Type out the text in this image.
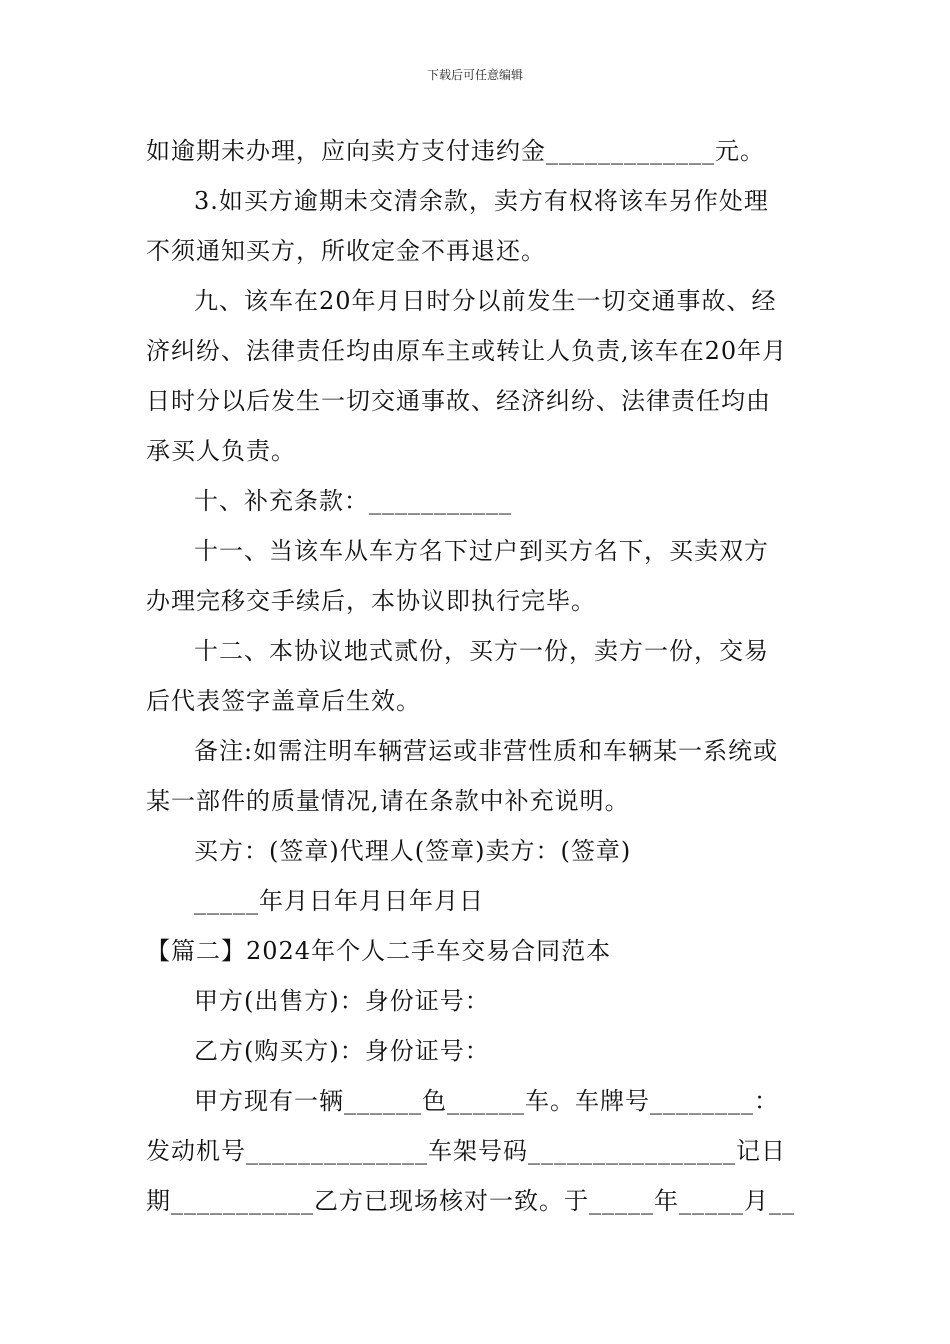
下载后可任意编辑
如逾期未办理，应向卖方支付违约金_____________元。
3.如买方逾期未交清余款，卖方有权将该车另作处理
不须通知买方，所收定金不再退还。
九、该车在20年月日时分以前发生一切交通事故、经
济纠纷、法律责任均由原车主或转让人负责,该车在20年月
日时分以后发生一切交通事故、经济纠纷、法律责任均由
承买人负责。
十、补充条款：___________
十一、当该车从车方名下过户到买方名下，买卖双方
办理完移交手续后，本协议即执行完毕。
十二、本协议地式贰份，买方一份，卖方一份，交易
后代表签字盖章后生效。
备注:如需注明车辆营运或非营性质和车辆某一系统或
某一部件的质量情况,请在条款中补充说明。
买方：(签章)代理人(签章)卖方：(签章)
_____年月日年月日年月日
【篇二】2024年个人二手车交易合同范本
甲方(出售方)：身份证号：
乙方(购买方)：身份证号：
甲方现有一辆______色______车。车牌号________：
发动机号______________车架号码________________记日
期___________乙方已现场核对一致。于_____年_____月__
